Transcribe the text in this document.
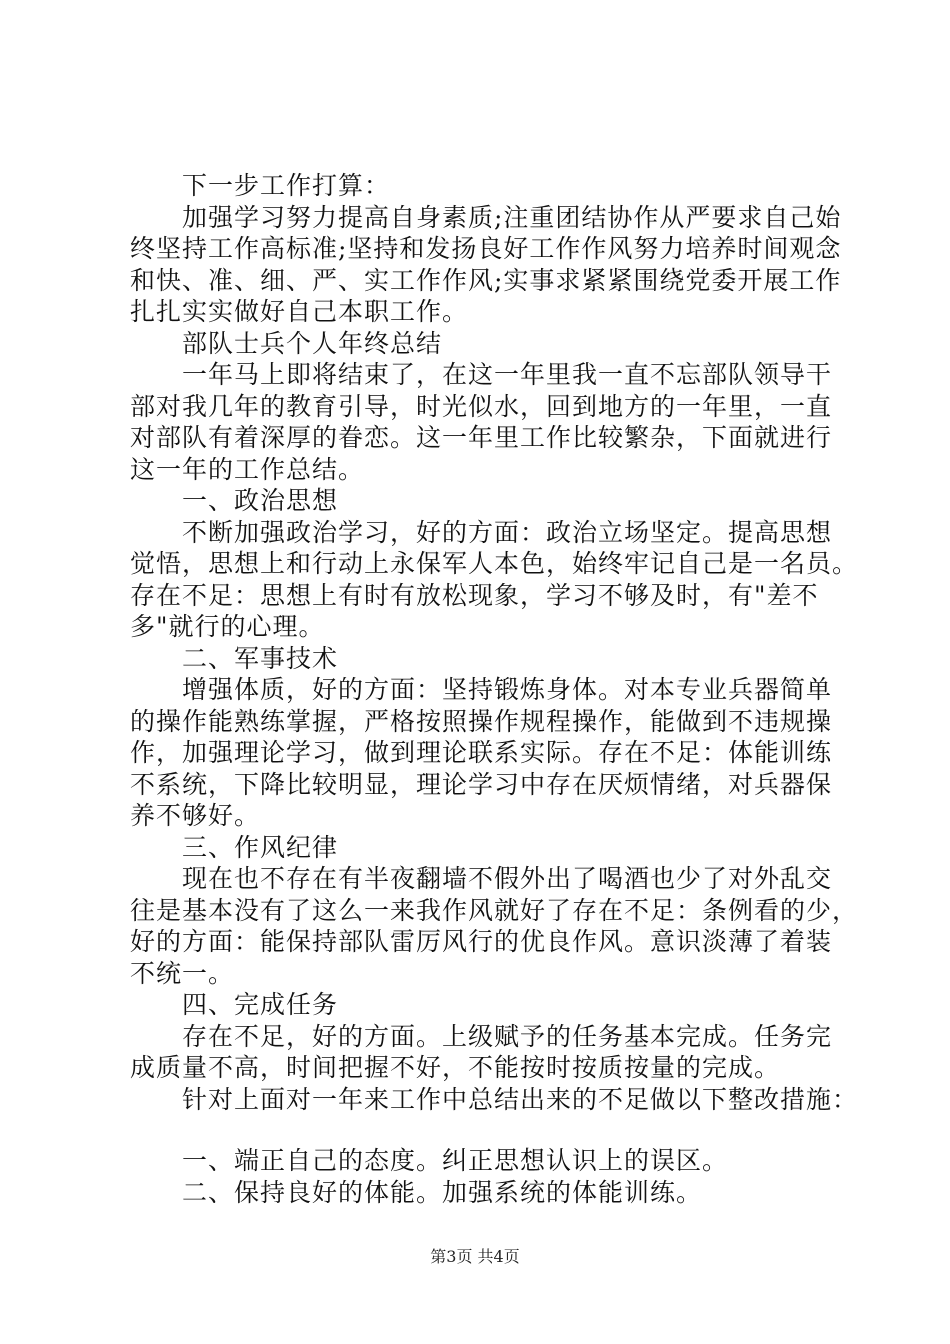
下一步工作打算：

加强学习努力提高自身素质;注重团结协作从严要求自己始

终坚持工作高标准;坚持和发扬良好工作作风努力培养时间观念

和快、准、细、严、实工作作风;实事求紧紧围绕党委开展工作

扎扎实实做好自己本职工作。

部队士兵个人年终总结

一年马上即将结束了，在这一年里我一直不忘部队领导干

部对我几年的教育引导，时光似水，回到地方的一年里，一直

对部队有着深厚的眷恋。这一年里工作比较繁杂，下面就进行

这一年的工作总结。

一、政治思想

不断加强政治学习，好的方面：政治立场坚定。提高思想

觉悟，思想上和行动上永保军人本色，始终牢记自己是一名员。

存在不足：思想上有时有放松现象，学习不够及时，有"差不

多"就行的心理。

二、军事技术

增强体质，好的方面：坚持锻炼身体。对本专业兵器简单

的操作能熟练掌握，严格按照操作规程操作，能做到不违规操

作，加强理论学习，做到理论联系实际。存在不足：体能训练

不系统，下降比较明显，理论学习中存在厌烦情绪，对兵器保

养不够好。

三、作风纪律

现在也不存在有半夜翻墙不假外出了喝酒也少了对外乱交

往是基本没有了这么一来我作风就好了存在不足：条例看的少，

好的方面：能保持部队雷厉风行的优良作风。意识淡薄了着装

不统一。

四、完成任务

存在不足，好的方面。上级赋予的任务基本完成。任务完

成质量不高，时间把握不好，不能按时按质按量的完成。

针对上面对一年来工作中总结出来的不足做以下整改措施：

一、端正自己的态度。纠正思想认识上的误区。

二、保持良好的体能。加强系统的体能训练。

第3页 共4页
